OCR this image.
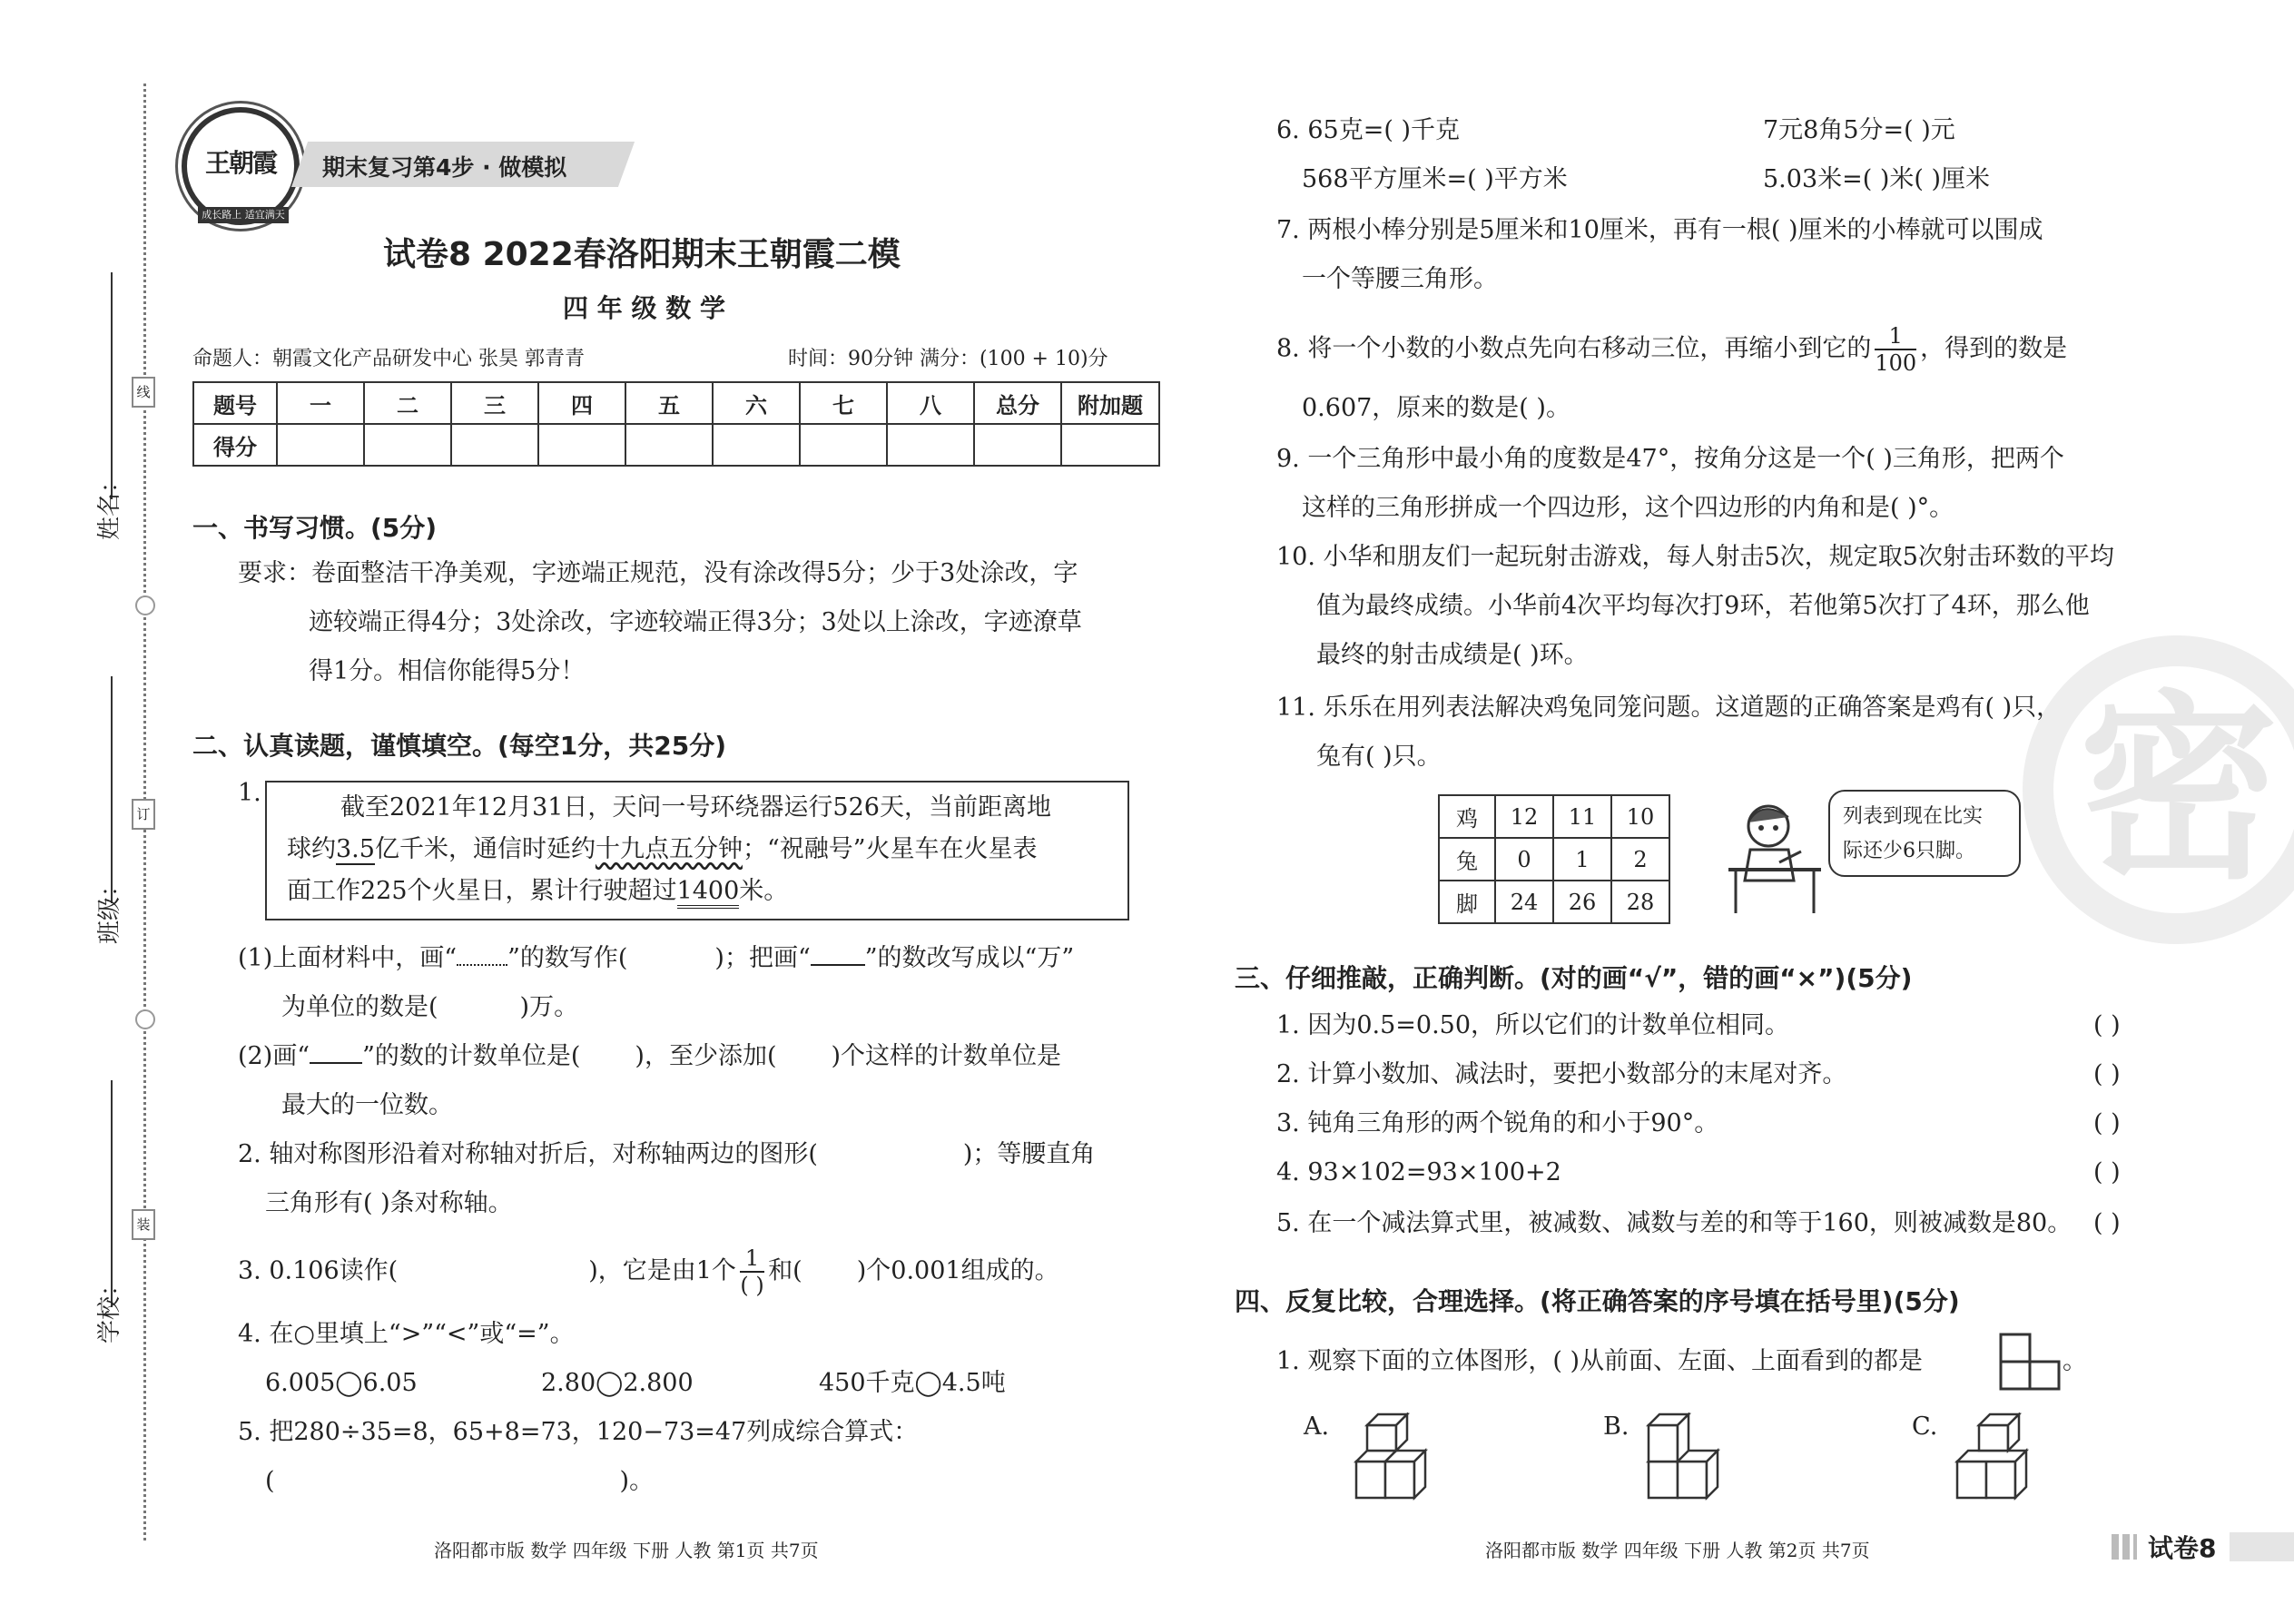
线
订
装
姓名：
班级：
学校：
王朝霞
成长路上 适宜满天
期末复习第4步 · 做模拟
试卷8 2022春洛阳期末王朝霞二模
四 年 级 数 学
命题人：朝霞文化产品研发中心 张昊 郭青青	时间：90分钟 满分：(100 + 10)分
题号	一	二	三	四	五	六	七	八	总分	附加题
得分										
一、书写习惯。(5分)
要求：卷面整洁干净美观，字迹端正规范，没有涂改得5分；少于3处涂改，字
迹较端正得4分；3处涂改，字迹较端正得3分；3处以上涂改，字迹潦草
得1分。相信你能得5分！
二、认真读题，谨慎填空。(每空1分，共25分)
1.
截至2021年12月31日，天问一号环绕器运行526天，当前距离地
球约3.5亿千米，通信时延约十九点五分钟；“祝融号”火星车在火星表
面工作225个火星日，累计行驶超过1400米。
(1)上面材料中，画“ ”的数写作(	)；把画“ ”的数改写成以“万”
为单位的数是(	)万。
(2)画“ ”的数的计数单位是( )，至少添加( )个这样的计数单位是
最大的一位数。
2. 轴对称图形沿着对称轴对折后，对称轴两边的图形(	)；等腰直角
三角形有( )条对称轴。
3. 0.106读作(	)，它是由1个 $\frac{1}{( )}$ 和( )个0.001组成的。
4. 在○里填上“>”“<”或“=”。
6.005◯6.05	2.80◯2.800	450千克◯4.5吨
5. 把280÷35=8，65+8=73，120−73=47列成综合算式：
(	)。
洛阳都市版 数学 四年级 下册 人教 第1页 共7页
密
6. 65克=( )千克	7元8角5分=( )元
568平方厘米=( )平方米	5.03米=( )米( )厘米
7. 两根小棒分别是5厘米和10厘米，再有一根( )厘米的小棒就可以围成
一个等腰三角形。
8. 将一个小数的小数点先向右移动三位，再缩小到它的 $\frac{1}{100}$ ，得到的数是
0.607，原来的数是( )。
9. 一个三角形中最小角的度数是47°，按角分这是一个( )三角形，把两个
这样的三角形拼成一个四边形，这个四边形的内角和是( )°。
10. 小华和朋友们一起玩射击游戏，每人射击5次，规定取5次射击环数的平均
值为最终成绩。小华前4次平均每次打9环，若他第5次打了4环，那么他
最终的射击成绩是( )环。
11. 乐乐在用列表法解决鸡兔同笼问题。这道题的正确答案是鸡有( )只，
兔有( )只。
鸡	12	11	10
兔	0	1	2
脚	24	26	28
列表到现在比实
际还少6只脚。
三、仔细推敲，正确判断。(对的画“√”，错的画“×”)(5分)
1. 因为0.5=0.50，所以它们的计数单位相同。	( )
2. 计算小数加、减法时，要把小数部分的末尾对齐。	( )
3. 钝角三角形的两个锐角的和小于90°。	( )
4. 93×102=93×100+2	( )
5. 在一个减法算式里，被减数、减数与差的和等于160，则被减数是80。 ( )
四、反复比较，合理选择。(将正确答案的序号填在括号里)(5分)
1. 观察下面的立体图形，( )从前面、左面、上面看到的都是	。
A.	B.	C.
洛阳都市版 数学 四年级 下册 人教 第2页 共7页	试卷8
